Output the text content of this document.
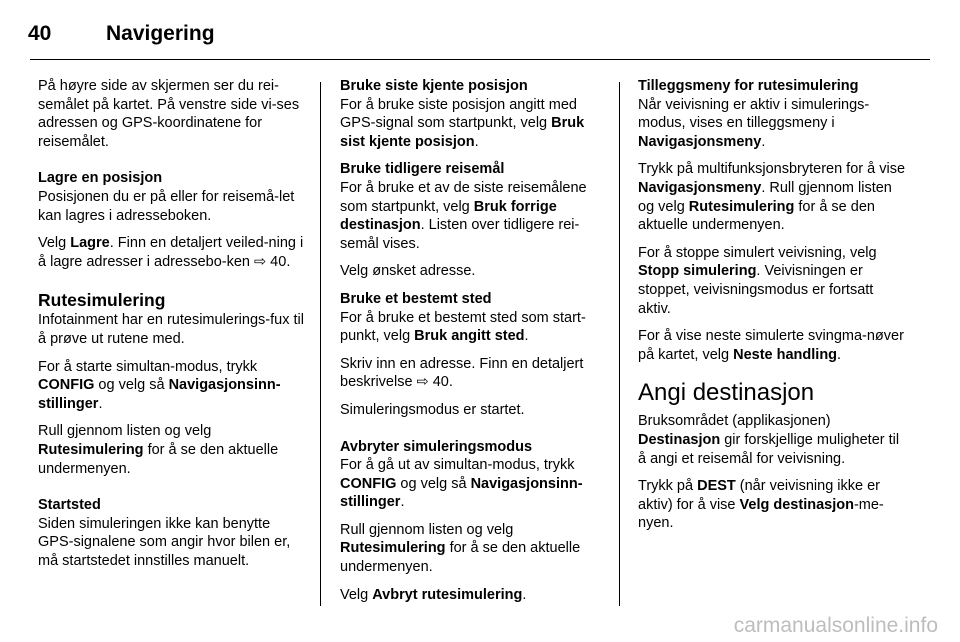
40	Navigering

På høyre side av skjermen ser du rei-semålet på kartet. På venstre side vi-ses adressen og GPS-koordinatene for reisemålet.

Lagre en posisjon
Posisjonen du er på eller for reisemå-let kan lagres i adresseboken.

Velg Lagre. Finn en detaljert veiled-ning i å lagre adresser i adressebo-ken ⇨ 40.

Rutesimulering
Infotainment har en rutesimulerings-fux til å prøve ut rutene med.

For å starte simultan-modus, trykk CONFIG og velg så Navigasjonsinn-stillinger.

Rull gjennom listen og velg Rutesimulering for å se den aktuelle undermenyen.

Startsted
Siden simuleringen ikke kan benytte GPS-signalene som angir hvor bilen er, må startstedet innstilles manuelt.

Bruke siste kjente posisjon
For å bruke siste posisjon angitt med GPS-signal som startpunkt, velg Bruk sist kjente posisjon.

Bruke tidligere reisemål
For å bruke et av de siste reisemålene som startpunkt, velg Bruk forrige destinasjon. Listen over tidligere rei-semål vises.

Velg ønsket adresse.

Bruke et bestemt sted
For å bruke et bestemt sted som start-punkt, velg Bruk angitt sted.

Skriv inn en adresse. Finn en detaljert beskrivelse ⇨ 40.

Simuleringsmodus er startet.

Avbryter simuleringsmodus
For å gå ut av simultan-modus, trykk CONFIG og velg så Navigasjonsinn-stillinger.

Rull gjennom listen og velg Rutesimulering for å se den aktuelle undermenyen.

Velg Avbryt rutesimulering.

Tilleggsmeny for rutesimulering
Når veivisning er aktiv i simulerings-modus, vises en tilleggsmeny i Navigasjonsmeny.

Trykk på multifunksjonsbryteren for å vise Navigasjonsmeny. Rull gjennom listen og velg Rutesimulering for å se den aktuelle undermenyen.

For å stoppe simulert veivisning, velg Stopp simulering. Veivisningen er stoppet, veivisningsmodus er fortsatt aktiv.

For å vise neste simulerte svingma-nøver på kartet, velg Neste handling.

Angi destinasjon
Bruksområdet (applikasjonen)
Destinasjon gir forskjellige muligheter til å angi et reisemål for veivisning.

Trykk på DEST (når veivisning ikke er aktiv) for å vise Velg destinasjon-me-nyen.

carmanualsonline.info
